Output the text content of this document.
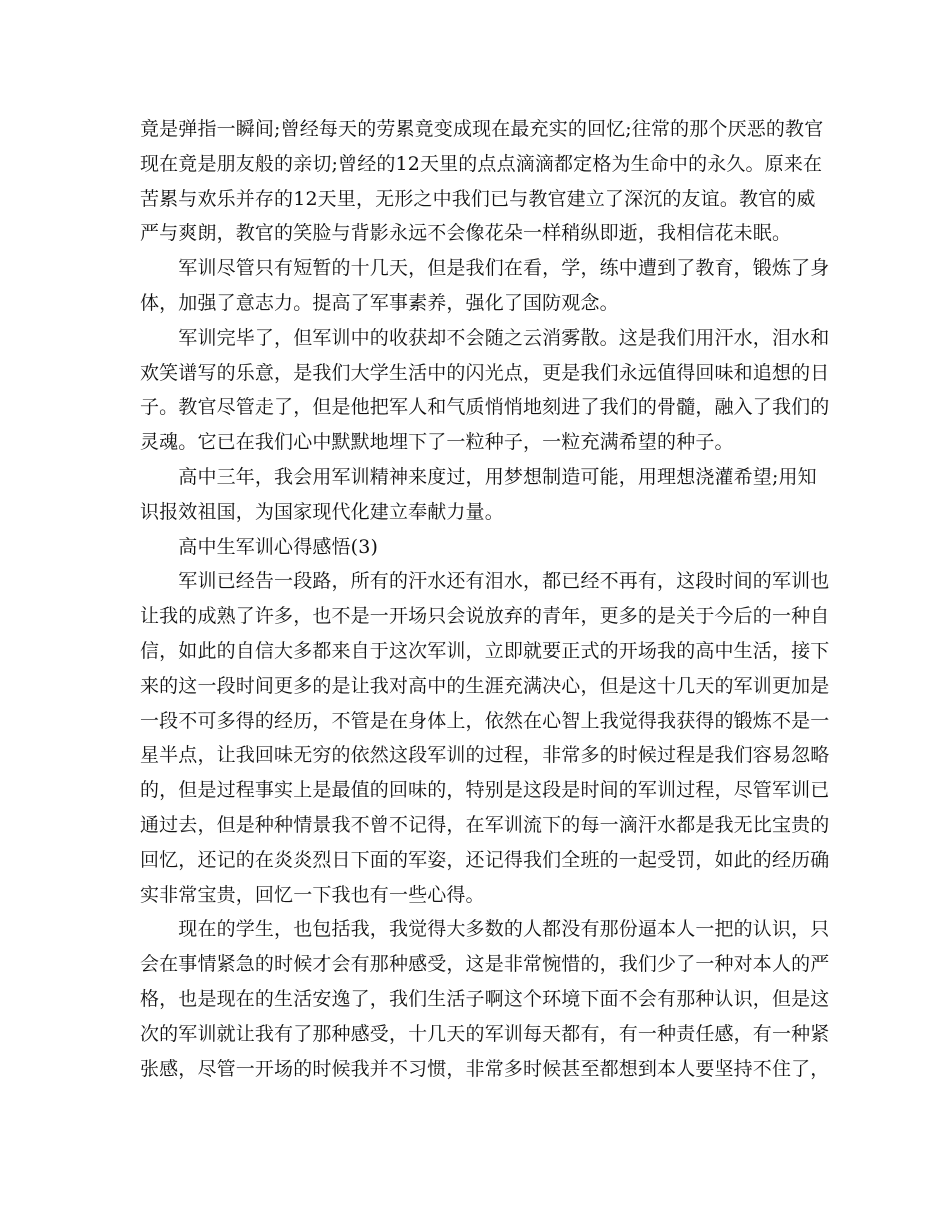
竟是弹指一瞬间;曾经每天的劳累竟变成现在最充实的回忆;往常的那个厌恶的教官
现在竟是朋友般的亲切;曾经的12天里的点点滴滴都定格为生命中的永久。原来在
苦累与欢乐并存的12天里，无形之中我们已与教官建立了深沉的友谊。教官的威
严与爽朗，教官的笑脸与背影永远不会像花朵一样稍纵即逝，我相信花未眠。
　　军训尽管只有短暂的十几天，但是我们在看，学，练中遭到了教育，锻炼了身
体，加强了意志力。提高了军事素养，强化了国防观念。
　　军训完毕了，但军训中的收获却不会随之云消雾散。这是我们用汗水，泪水和
欢笑谱写的乐意，是我们大学生活中的闪光点，更是我们永远值得回味和追想的日
子。教官尽管走了，但是他把军人和气质悄悄地刻进了我们的骨髓，融入了我们的
灵魂。它已在我们心中默默地埋下了一粒种子，一粒充满希望的种子。
　　高中三年，我会用军训精神来度过，用梦想制造可能，用理想浇灌希望;用知
识报效祖国，为国家现代化建立奉献力量。
　　高中生军训心得感悟(3)
　　军训已经告一段路，所有的汗水还有泪水，都已经不再有，这段时间的军训也
让我的成熟了许多，也不是一开场只会说放弃的青年，更多的是关于今后的一种自
信，如此的自信大多都来自于这次军训，立即就要正式的开场我的高中生活，接下
来的这一段时间更多的是让我对高中的生涯充满决心，但是这十几天的军训更加是
一段不可多得的经历，不管是在身体上，依然在心智上我觉得我获得的锻炼不是一
星半点，让我回味无穷的依然这段军训的过程，非常多的时候过程是我们容易忽略
的，但是过程事实上是最值的回味的，特别是这段是时间的军训过程，尽管军训已
通过去，但是种种情景我不曾不记得，在军训流下的每一滴汗水都是我无比宝贵的
回忆，还记的在炎炎烈日下面的军姿，还记得我们全班的一起受罚，如此的经历确
实非常宝贵，回忆一下我也有一些心得。
　　现在的学生，也包括我，我觉得大多数的人都没有那份逼本人一把的认识，只
会在事情紧急的时候才会有那种感受，这是非常惋惜的，我们少了一种对本人的严
格，也是现在的生活安逸了，我们生活子啊这个环境下面不会有那种认识，但是这
次的军训就让我有了那种感受，十几天的军训每天都有，有一种责任感，有一种紧
张感，尽管一开场的时候我并不习惯，非常多时候甚至都想到本人要坚持不住了，
